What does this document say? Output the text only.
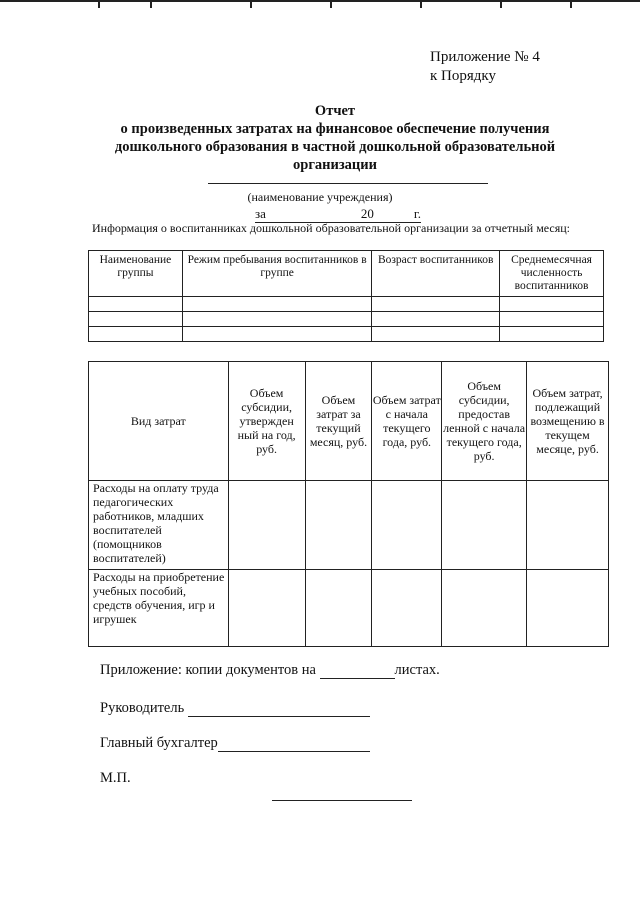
Приложение № 4
к Порядку
Отчет
о произведенных затратах на финансовое обеспечение получения
дошкольного образования в частной дошкольной образовательной
организации
(наименование учреждения)
за	20	г.
Информация о воспитанниках дошкольной образовательной организации за отчетный месяц:
Наименование группы	Режим пребывания воспитанников в группе	Возраст воспитанников	Среднемесячная численность воспитанников

Вид затрат	Объем субсидии, утвержден ный на год, руб.	Объем затрат за текущий месяц, руб.	Объем затрат с начала текущего года, руб.	Объем субсидии, предостав ленной с начала текущего года, руб.	Объем затрат, подлежащий возмещению в текущем месяце, руб.
Расходы на оплату труда педагогических работников, младших воспитателей (помощников воспитателей)					
Расходы на приобретение учебных пособий, средств обучения, игр и игрушек					
Приложение: копии документов на	листах.
Руководитель
Главный бухгалтер
М.П.
